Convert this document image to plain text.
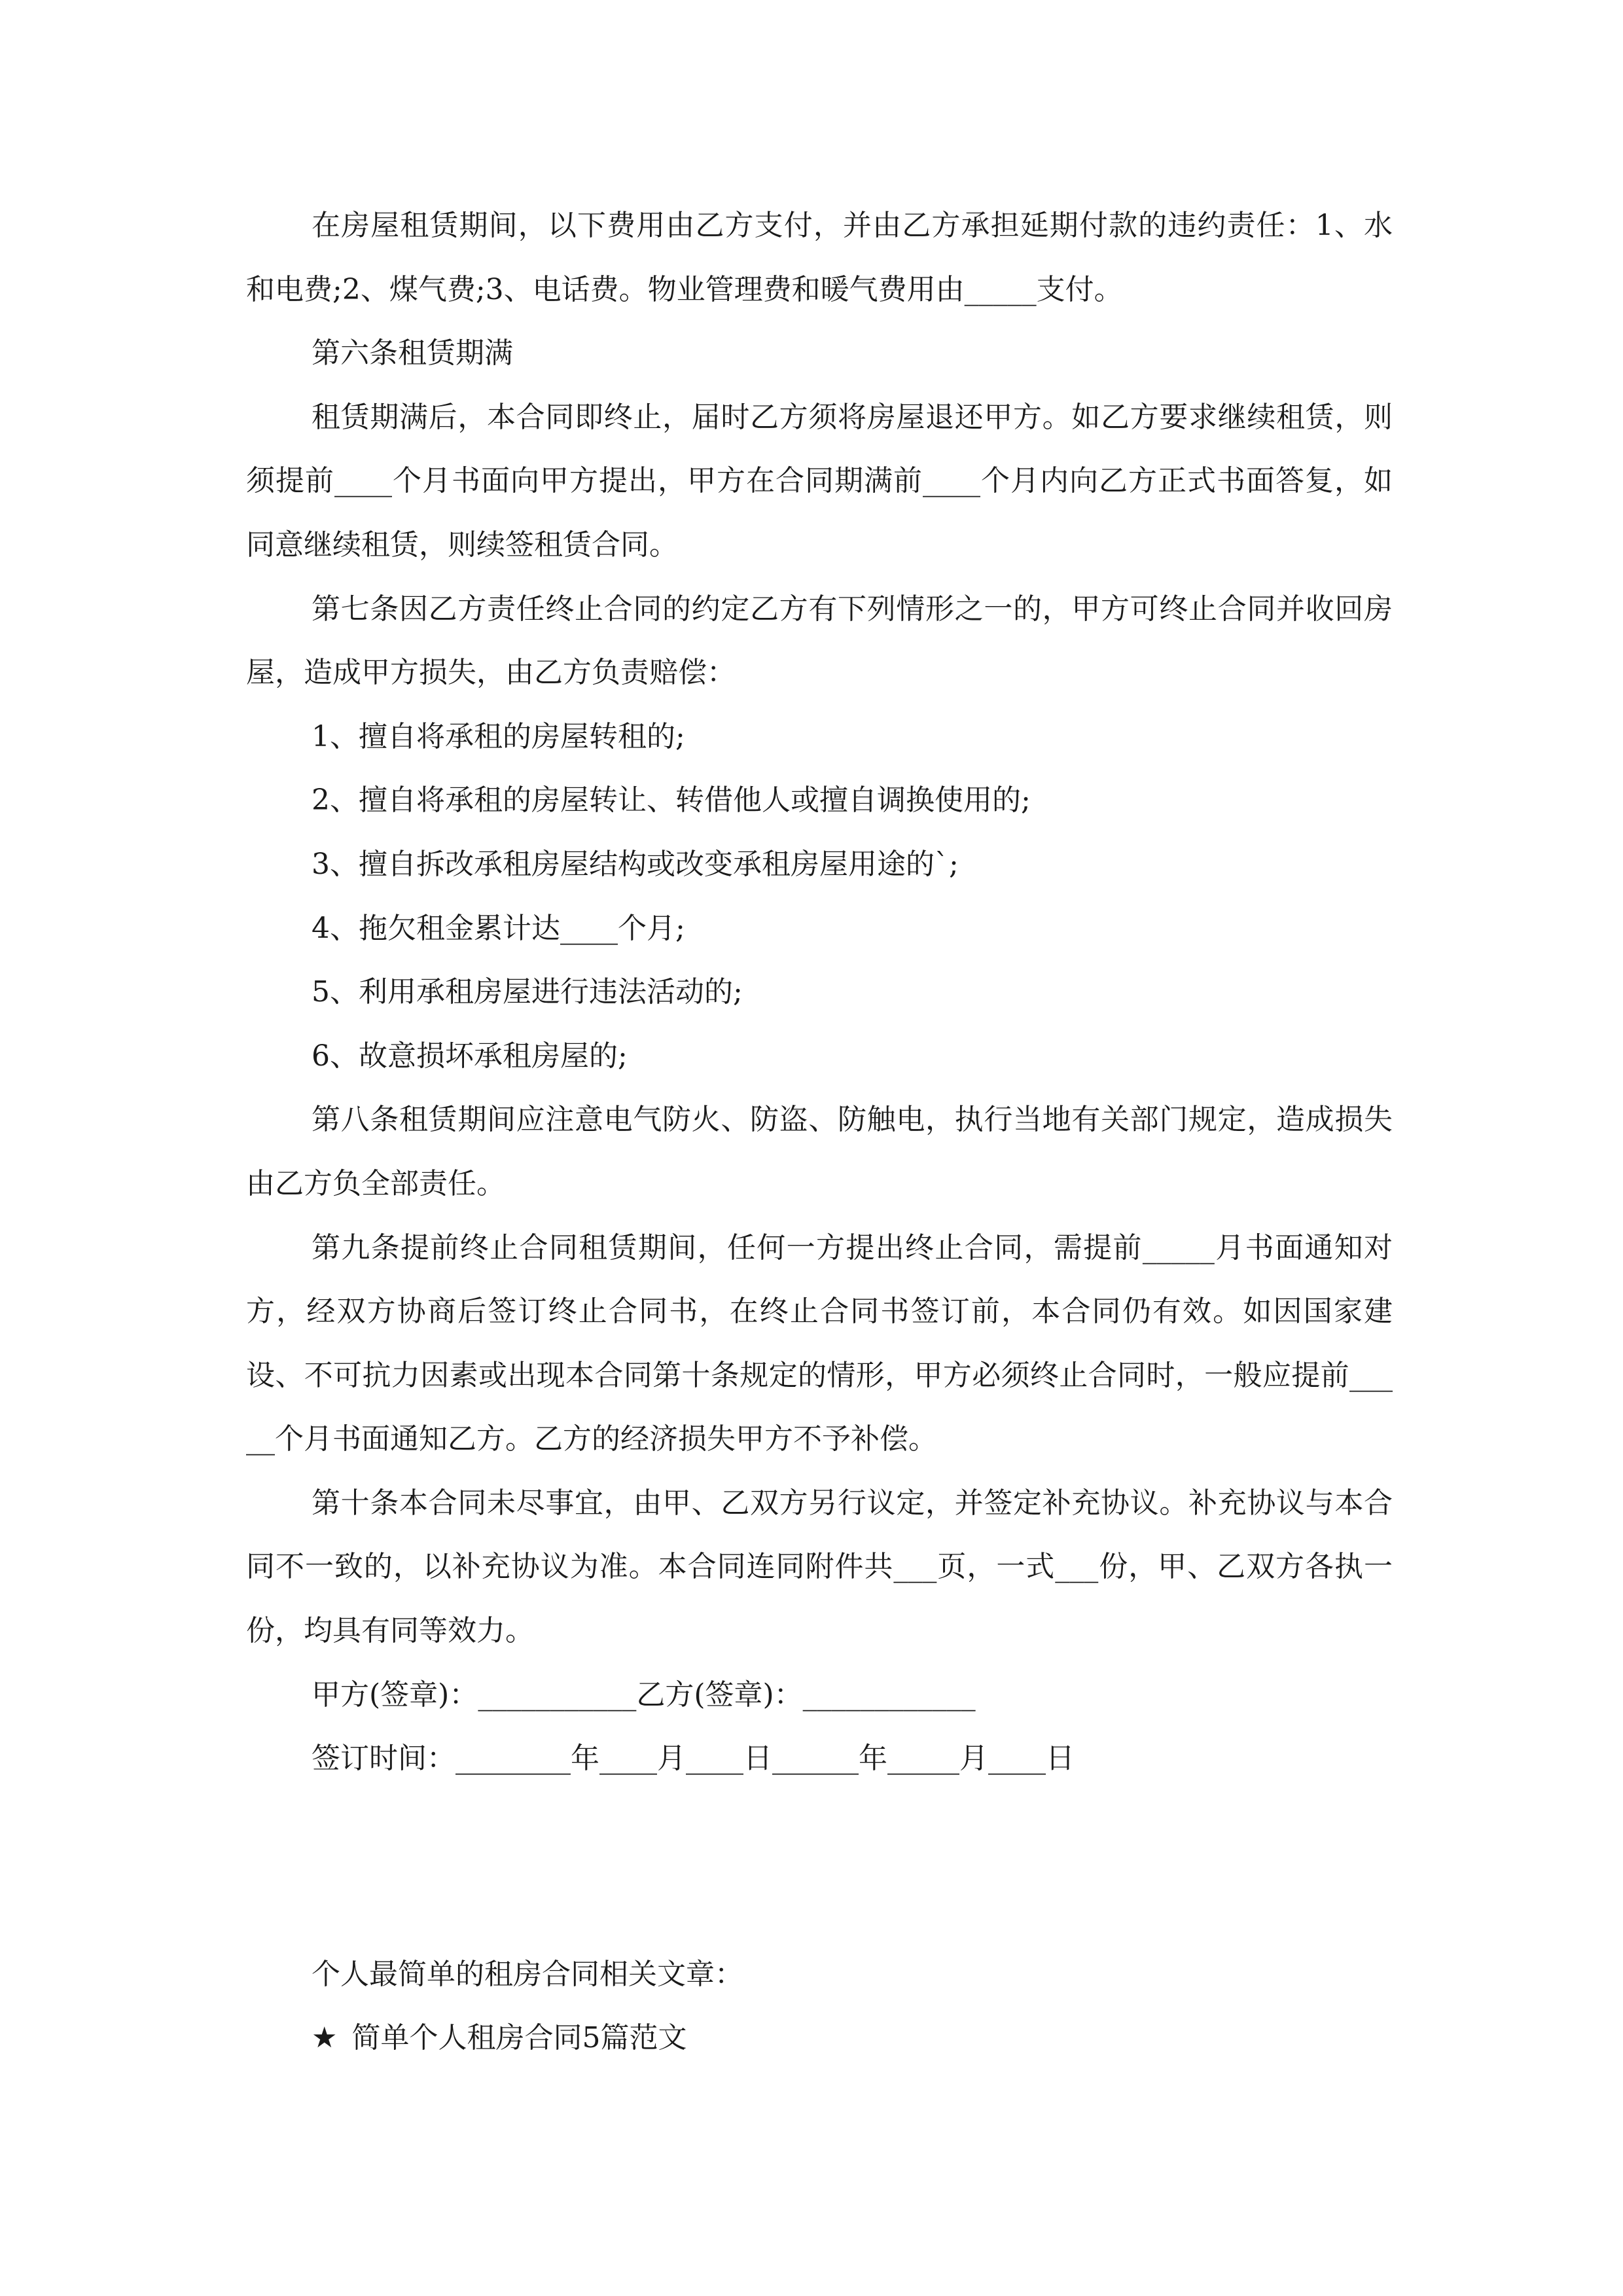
在房屋租赁期间，以下费用由乙方支付，并由乙方承担延期付款的违约责任：1、水和电费;2、煤气费;3、电话费。物业管理费和暖气费用由_____支付。

第六条租赁期满

租赁期满后，本合同即终止，届时乙方须将房屋退还甲方。如乙方要求继续租赁，则须提前____个月书面向甲方提出，甲方在合同期满前____个月内向乙方正式书面答复，如同意继续租赁，则续签租赁合同。

第七条因乙方责任终止合同的约定乙方有下列情形之一的，甲方可终止合同并收回房屋，造成甲方损失，由乙方负责赔偿：

1、擅自将承租的房屋转租的;

2、擅自将承租的房屋转让、转借他人或擅自调换使用的;

3、擅自拆改承租房屋结构或改变承租房屋用途的`;

4、拖欠租金累计达____个月;

5、利用承租房屋进行违法活动的;

6、故意损坏承租房屋的;

第八条租赁期间应注意电气防火、防盗、防触电，执行当地有关部门规定，造成损失由乙方负全部责任。

第九条提前终止合同租赁期间，任何一方提出终止合同，需提前_____月书面通知对方，经双方协商后签订终止合同书，在终止合同书签订前，本合同仍有效。如因国家建设、不可抗力因素或出现本合同第十条规定的情形，甲方必须终止合同时，一般应提前_____个月书面通知乙方。乙方的经济损失甲方不予补偿。

第十条本合同未尽事宜，由甲、乙双方另行议定，并签定补充协议。补充协议与本合同不一致的，以补充协议为准。本合同连同附件共___页，一式___份，甲、乙双方各执一份，均具有同等效力。

甲方(签章)：___________乙方(签章)：____________

签订时间：________年____月____日______年_____月____日

个人最简单的租房合同相关文章：

★ 简单个人租房合同5篇范文
